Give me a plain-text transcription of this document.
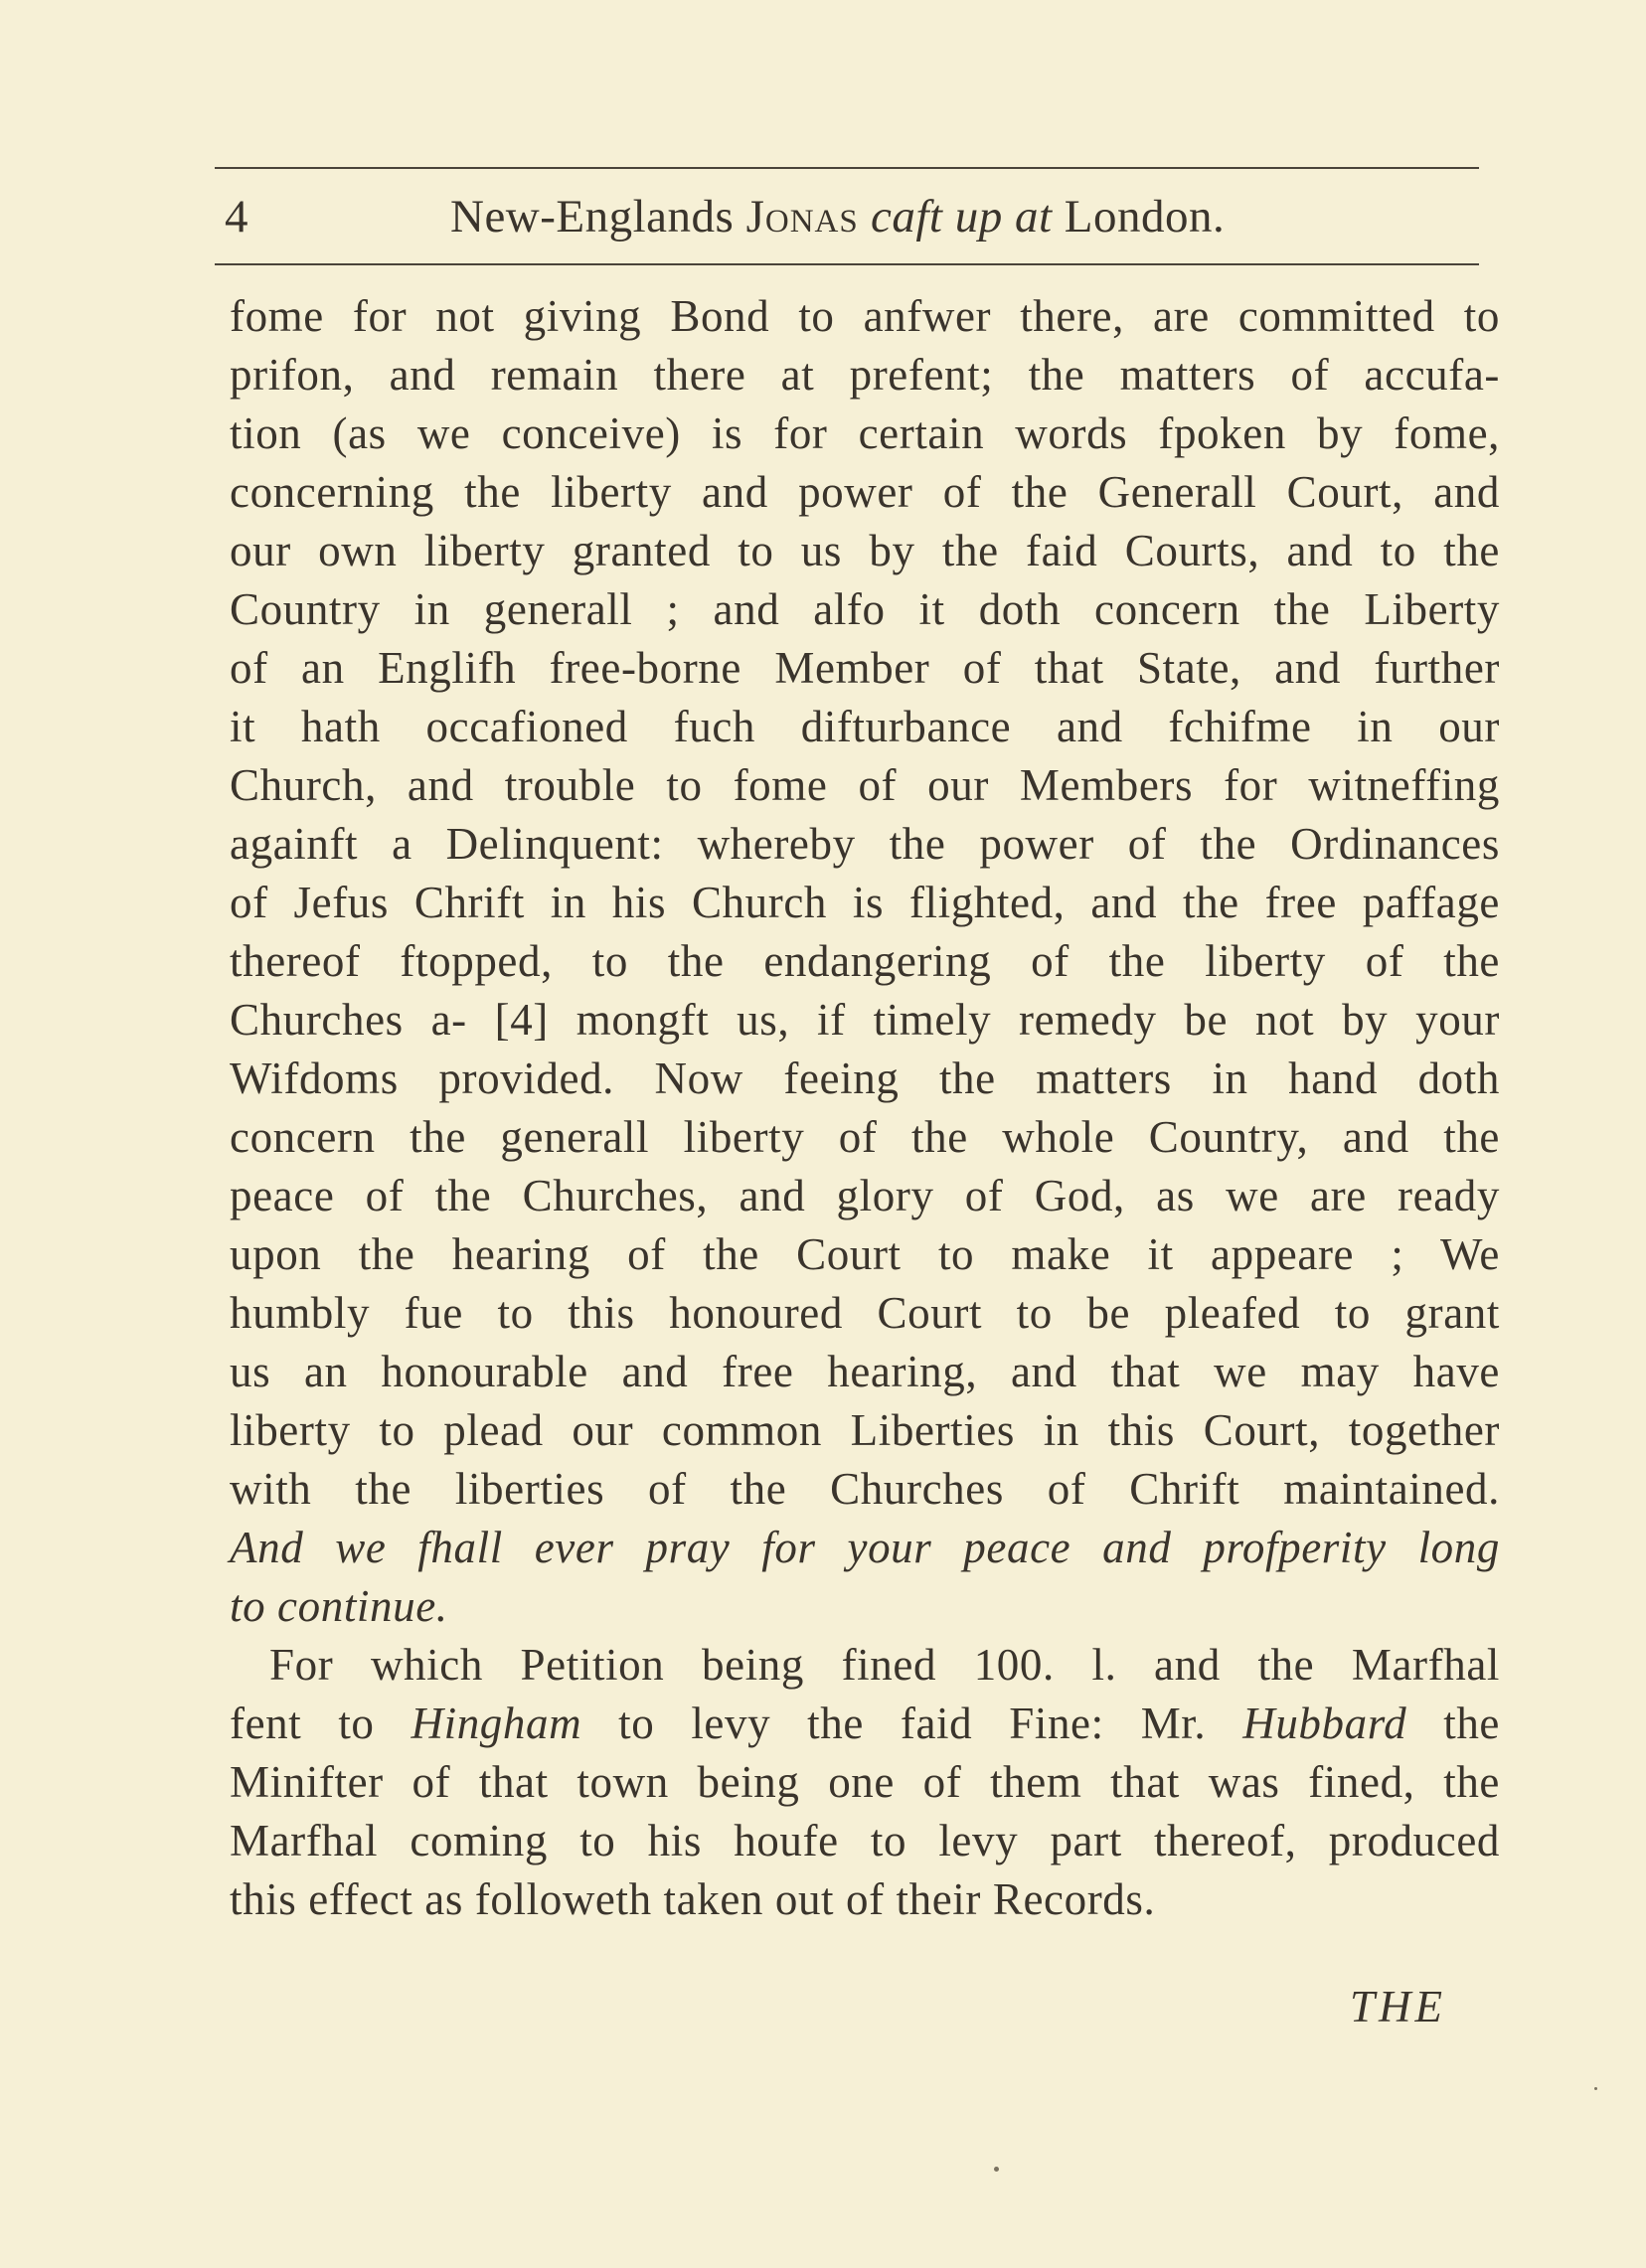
4	New-Englands Jonas caft up at London.
fome for not giving Bond to anfwer there, are committed to
prifon, and remain there at prefent; the matters of accufa-
tion (as we conceive) is for certain words fpoken by fome,
concerning the liberty and power of the Generall Court, and
our own liberty granted to us by the faid Courts, and to the
Country in generall ; and alfo it doth concern the Liberty
of an Englifh free-borne Member of that State, and further
it hath occafioned fuch difturbance and fchifme in our
Church, and trouble to fome of our Members for witneffing
againft a Delinquent: whereby the power of the Ordinances
of Jefus Chrift in his Church is flighted, and the free paffage
thereof ftopped, to the endangering of the liberty of the
Churches a- [4] mongft us, if timely remedy be not by your
Wifdoms provided. Now feeing the matters in hand doth
concern the generall liberty of the whole Country, and the
peace of the Churches, and glory of God, as we are ready
upon the hearing of the Court to make it appeare ; We
humbly fue to this honoured Court to be pleafed to grant
us an honourable and free hearing, and that we may have
liberty to plead our common Liberties in this Court, together
with the liberties of the Churches of Chrift maintained.
And we fhall ever pray for your peace and profperity long
to continue.
For which Petition being fined 100. l. and the Marfhal
fent to Hingham to levy the faid Fine: Mr. Hubbard the
Minifter of that town being one of them that was fined, the
Marfhal coming to his houfe to levy part thereof, produced
this effect as followeth taken out of their Records.
THE
